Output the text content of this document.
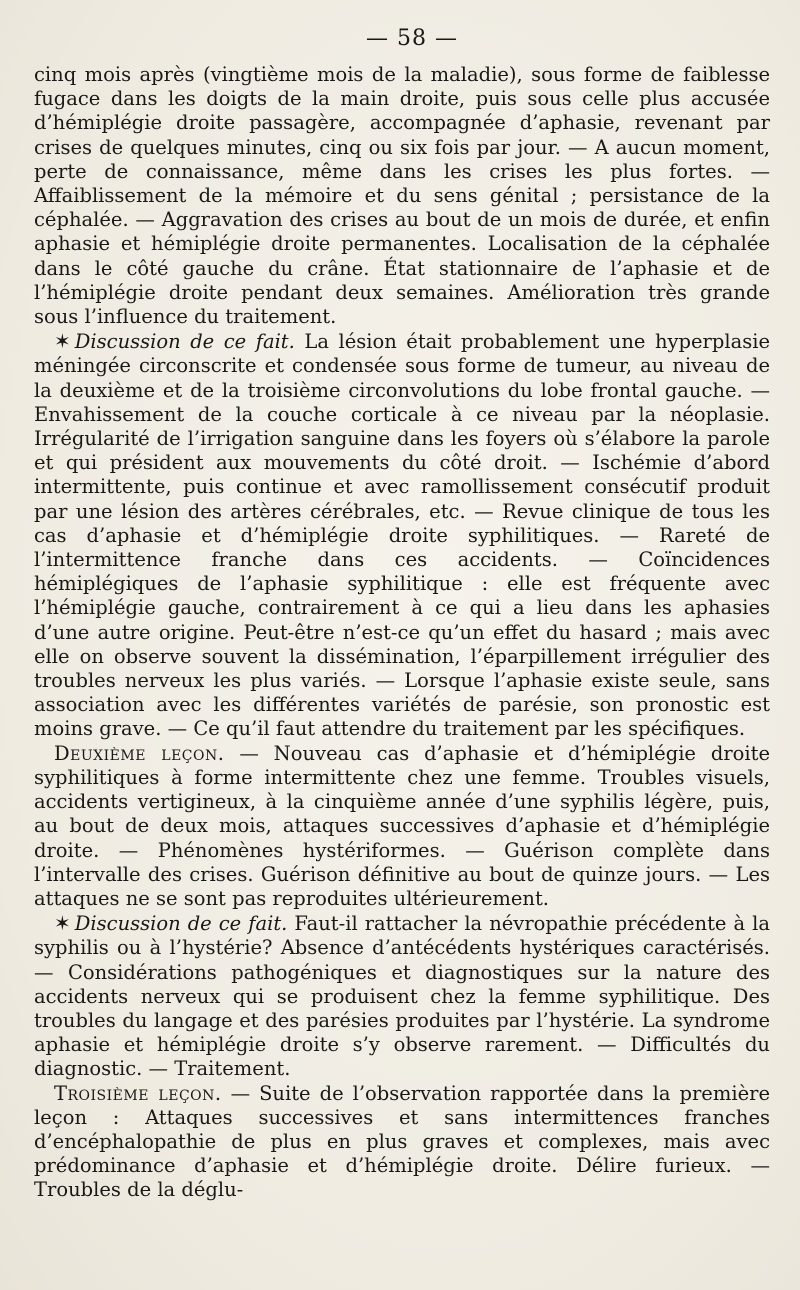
— 58 —

cinq mois après (vingtième mois de la maladie), sous forme de faiblesse fugace dans les doigts de la main droite, puis sous celle plus accusée d’hémiplégie droite passagère, accompagnée d’aphasie, revenant par crises de quelques minutes, cinq ou six fois par jour. — A aucun moment, perte de connaissance, même dans les crises les plus fortes. — Affaiblissement de la mémoire et du sens génital ; persistance de la céphalée. — Aggravation des crises au bout de un mois de durée, et enfin aphasie et hémiplégie droite permanentes. Localisation de la céphalée dans le côté gauche du crâne. État stationnaire de l’aphasie et de l’hémiplégie droite pendant deux semaines. Amélioration très grande sous l’influence du traitement.

✶ Discussion de ce fait. La lésion était probablement une hyperplasie méningée circonscrite et condensée sous forme de tumeur, au niveau de la deuxième et de la troisième circonvolutions du lobe frontal gauche. — Envahissement de la couche corticale à ce niveau par la néoplasie. Irrégularité de l’irrigation sanguine dans les foyers où s’élabore la parole et qui président aux mouvements du côté droit. — Ischémie d’abord intermittente, puis continue et avec ramollissement consécutif produit par une lésion des artères cérébrales, etc. — Revue clinique de tous les cas d’aphasie et d’hémiplégie droite syphilitiques. — Rareté de l’intermittence franche dans ces accidents. — Coïncidences hémiplégiques de l’aphasie syphilitique : elle est fréquente avec l’hémiplégie gauche, contrairement à ce qui a lieu dans les aphasies d’une autre origine. Peut-être n’est-ce qu’un effet du hasard ; mais avec elle on observe souvent la dissémination, l’éparpillement irrégulier des troubles nerveux les plus variés. — Lorsque l’aphasie existe seule, sans association avec les différentes variétés de parésie, son pronostic est moins grave. — Ce qu’il faut attendre du traitement par les spécifiques.

Deuxième leçon. — Nouveau cas d’aphasie et d’hémiplégie droite syphilitiques à forme intermittente chez une femme. Troubles visuels, accidents vertigineux, à la cinquième année d’une syphilis légère, puis, au bout de deux mois, attaques successives d’aphasie et d’hémiplégie droite. — Phénomènes hystériformes. — Guérison complète dans l’intervalle des crises. Guérison définitive au bout de quinze jours. — Les attaques ne se sont pas reproduites ultérieurement.

✶ Discussion de ce fait. Faut-il rattacher la névropathie précédente à la syphilis ou à l’hystérie? Absence d’antécédents hystériques caractérisés. — Considérations pathogéniques et diagnostiques sur la nature des accidents nerveux qui se produisent chez la femme syphilitique. Des troubles du langage et des parésies produites par l’hystérie. La syndrome aphasie et hémiplégie droite s’y observe rarement. — Difficultés du diagnostic. — Traitement.

Troisième leçon. — Suite de l’observation rapportée dans la première leçon : Attaques successives et sans intermittences franches d’encéphalopathie de plus en plus graves et complexes, mais avec prédominance d’aphasie et d’hémiplégie droite. Délire furieux. — Troubles de la déglu-
